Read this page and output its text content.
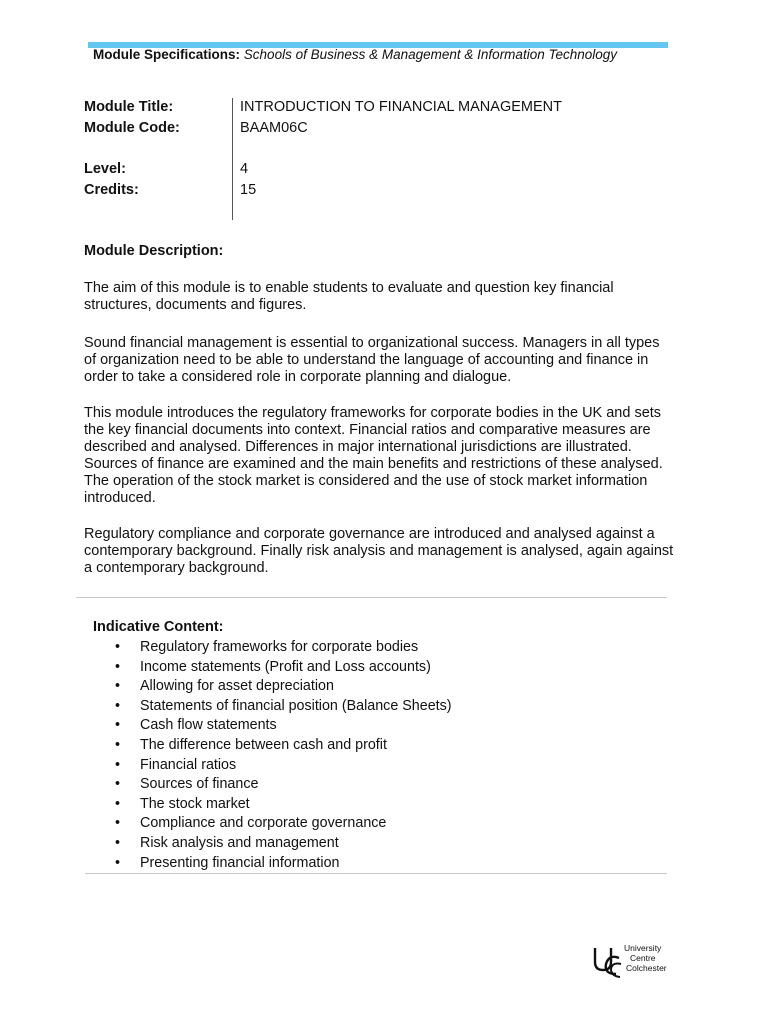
Module Specifications: Schools of Business & Management & Information Technology
Module Title:	INTRODUCTION TO FINANCIAL MANAGEMENT
Module Code:	BAAM06C
Level:	4
Credits:	15
Module Description:

The aim of this module is to enable students to evaluate and question key financial structures, documents and figures.

Sound financial management is essential to organizational success. Managers in all types of organization need to be able to understand the language of accounting and finance in order to take a considered role in corporate planning and dialogue.

This module introduces the regulatory frameworks for corporate bodies in the UK and sets the key financial documents into context. Financial ratios and comparative measures are described and analysed. Differences in major international jurisdictions are illustrated. Sources of finance are examined and the main benefits and restrictions of these analysed. The operation of the stock market is considered and the use of stock market information introduced.

Regulatory compliance and corporate governance are introduced and analysed against a contemporary background. Finally risk analysis and management is analysed, again against a contemporary background.

Indicative Content:
• Regulatory frameworks for corporate bodies
• Income statements (Profit and Loss accounts)
• Allowing for asset depreciation
• Statements of financial position (Balance Sheets)
• Cash flow statements
• The difference between cash and profit
• Financial ratios
• Sources of finance
• The stock market
• Compliance and corporate governance
• Risk analysis and management
• Presenting financial information
University
Centre
Colchester
